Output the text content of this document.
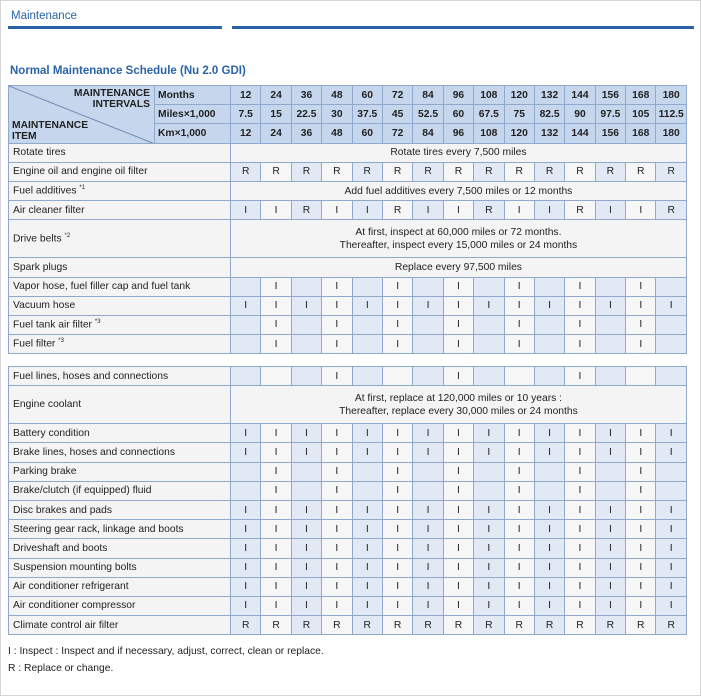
Maintenance
Normal Maintenance Schedule (Nu 2.0 GDI)
MAINTENANCE
INTERVALS
MAINTENANCE
ITEM	Months	12	24	36	48	60	72	84	96	108	120	132	144	156	168	180
	Miles×1,000	7.5	15	22.5	30	37.5	45	52.5	60	67.5	75	82.5	90	97.5	105	112.5
	Km×1,000	12	24	36	48	60	72	84	96	108	120	132	144	156	168	180
Rotate tires		Rotate tires every 7,500 miles														

Engine oil and engine oil filter		R	R	R	R	R	R	R	R	R	R	R	R	R	R	R
Fuel additives $^{*1}$		Add fuel additives every 7,500 miles or 12 months														

Air cleaner filter		I	I	R	I	I	R	I	I	R	I	I	R	I	I	R
Drive belts $^{*2}$		At first, inspect at 60,000 miles or 72 months.
Thereafter, inspect every 15,000 miles or 24 months														

Spark plugs		Replace every 97,500 miles														

Vapor hose, fuel filler cap and fuel tank			I		I		I		I		I		I		I	
Vacuum hose		I	I	I	I	I	I	I	I	I	I	I	I	I	I	I
Fuel tank air filter $^{*3}$			I		I		I		I		I		I		I	
Fuel filter $^{*3}$			I		I		I		I		I		I		I	
Fuel lines, hoses and connections				I				I				I			
Engine coolant	At first, replace at 120,000 miles or 10 years :
Thereafter, replace every 30,000 miles or 24 months														

Battery condition	I	I	I	I	I	I	I	I	I	I	I	I	I	I	I
Brake lines, hoses and connections	I	I	I	I	I	I	I	I	I	I	I	I	I	I	I
Parking brake		I		I		I		I		I		I		I	
Brake/clutch (if equipped) fluid		I		I		I		I		I		I		I	
Disc brakes and pads	I	I	I	I	I	I	I	I	I	I	I	I	I	I	I
Steering gear rack, linkage and boots	I	I	I	I	I	I	I	I	I	I	I	I	I	I	I
Driveshaft and boots	I	I	I	I	I	I	I	I	I	I	I	I	I	I	I
Suspension mounting bolts	I	I	I	I	I	I	I	I	I	I	I	I	I	I	I
Air conditioner refrigerant	I	I	I	I	I	I	I	I	I	I	I	I	I	I	I
Air conditioner compressor	I	I	I	I	I	I	I	I	I	I	I	I	I	I	I
Climate control air filter	R	R	R	R	R	R	R	R	R	R	R	R	R	R	R
I : Inspect : Inspect and if necessary, adjust, correct, clean or replace.
R : Replace or change.
